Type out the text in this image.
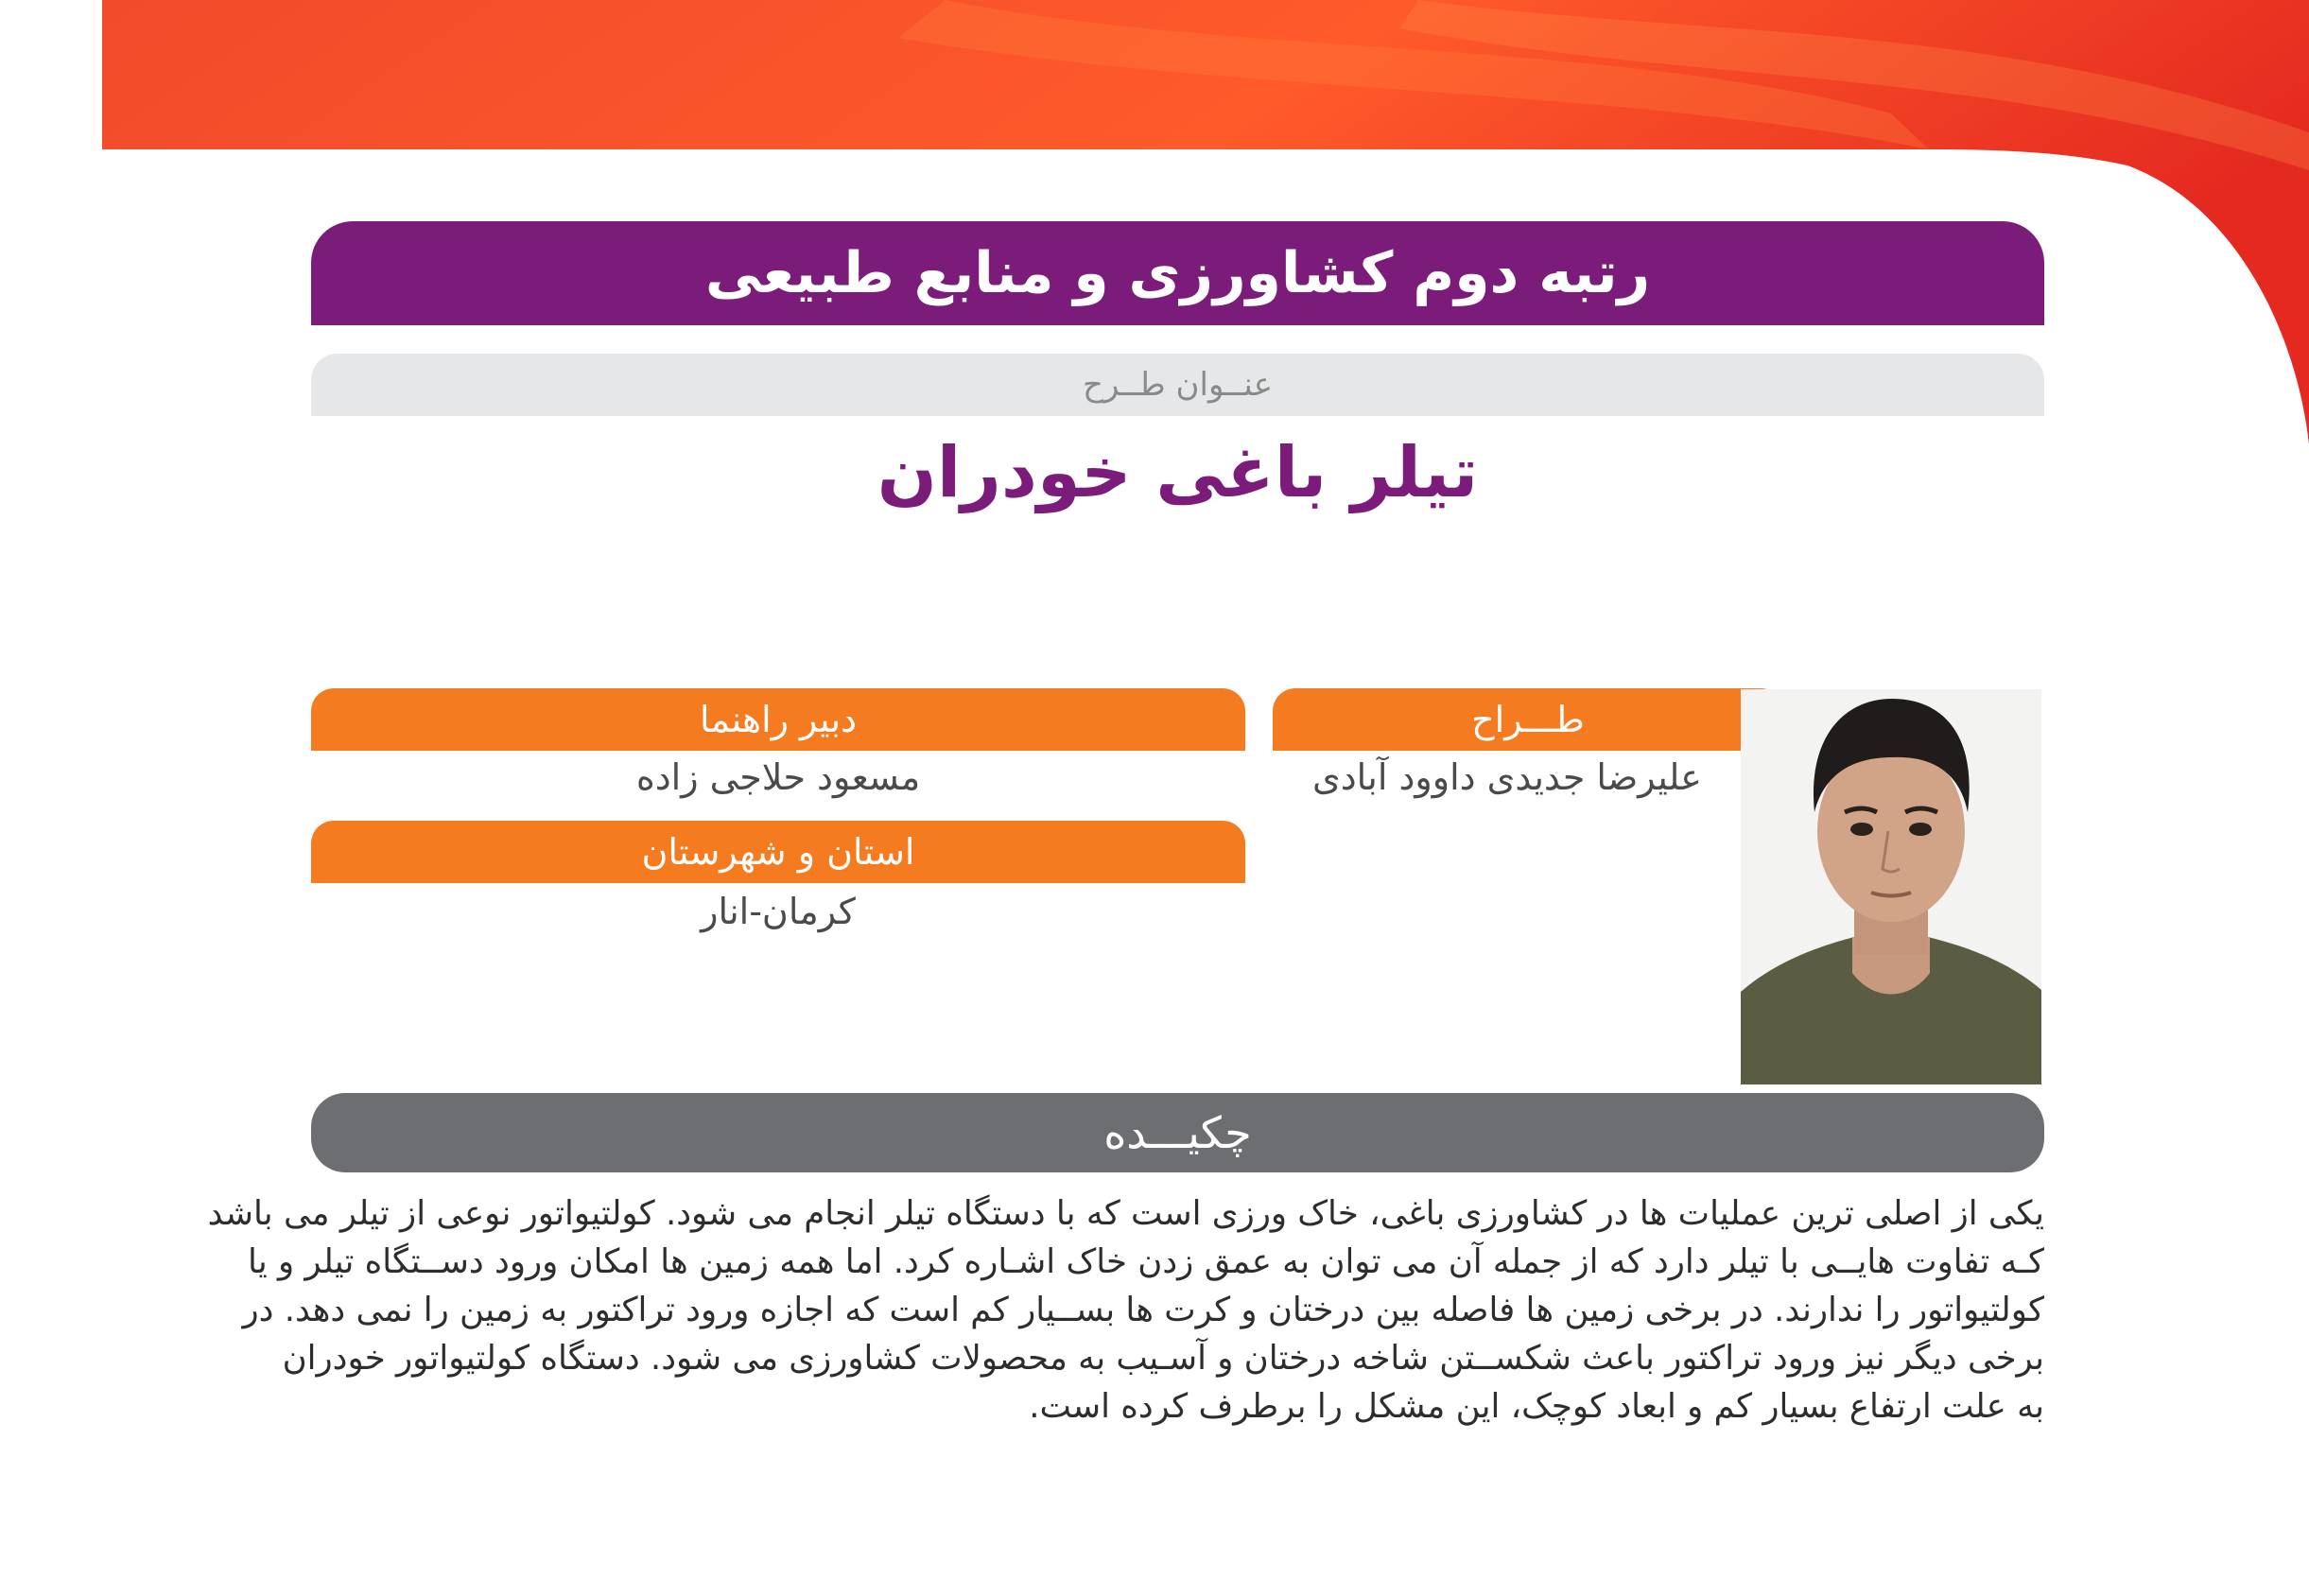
رتبه دوم کشاورزی و منابع طبیعی
عنــوان طــرح
تیلر باغی خودران
طـــراح
علیرضا جدیدی داوود آبادی
دبیر راهنما
مسعود حلاجی زاده
استان و شهرستان
کرمان-انار
چکیـــده
یکی از اصلی ترین عملیات ها در کشاورزی باغی، خاک ورزی است که با دستگاه تیلر انجام می شود. کولتیواتور نوعی از تیلر می باشد
کـه تفاوت هایــی با تیلر دارد که از جمله آن می توان به عمق زدن خاک اشـاره کرد. اما همه زمین ها امکان ورود دســتگاه تیلر و یا
کولتیواتور را ندارند. در برخی زمین ها فاصله بین درختان و کرت ها بســیار کم است که اجازه ورود تراکتور به زمین را نمی دهد. در
برخی دیگر نیز ورود تراکتور باعث شکســتن شاخه درختان و آسـیب به محصولات کشاورزی می شود. دستگاه کولتیواتور خودران
به علت ارتفاع بسیار کم و ابعاد کوچک، این مشکل را برطرف کرده است.
